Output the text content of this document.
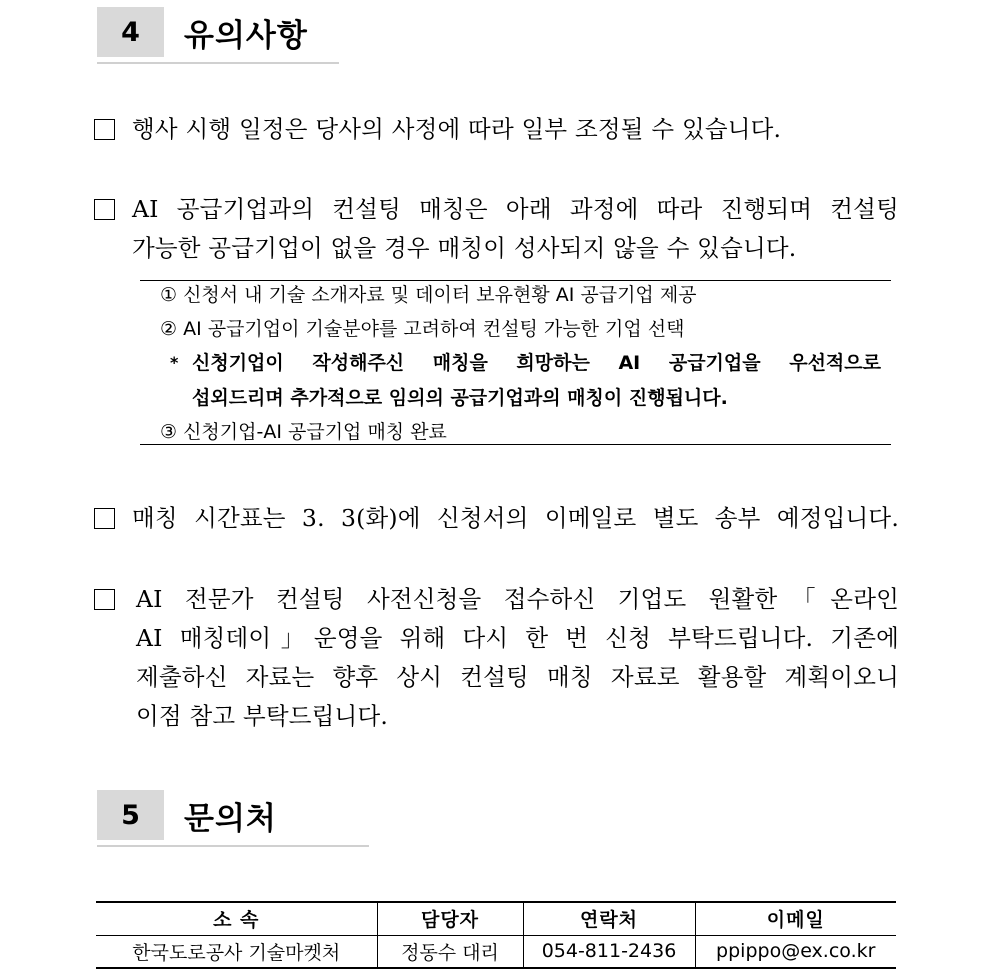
4	유의사항
행사 시행 일정은 당사의 사정에 따라 일부 조정될 수 있습니다.
AI 공급기업과의 컨설팅 매칭은 아래 과정에 따라 진행되며 컨설팅
가능한 공급기업이 없을 경우 매칭이 성사되지 않을 수 있습니다.
① 신청서 내 기술 소개자료 및 데이터 보유현황 AI 공급기업 제공
② AI 공급기업이 기술분야를 고려하여 컨설팅 가능한 기업 선택
* 신청기업이 작성해주신 매칭을 희망하는 AI 공급기업을 우선적으로
섭외드리며 추가적으로 임의의 공급기업과의 매칭이 진행됩니다.
③ 신청기업-AI 공급기업 매칭 완료
매칭 시간표는 3. 3(화)에 신청서의 이메일로 별도 송부 예정입니다.
AI 전문가 컨설팅 사전신청을 접수하신 기업도 원활한「온라인
AI 매칭데이」운영을 위해 다시 한 번 신청 부탁드립니다. 기존에
제출하신 자료는 향후 상시 컨설팅 매칭 자료로 활용할 계획이오니
이점 참고 부탁드립니다.
5	문의처
소 속	담당자	연락처	이메일
한국도로공사 기술마켓처	정동수 대리	054-811-2436	ppippo@ex.co.kr
